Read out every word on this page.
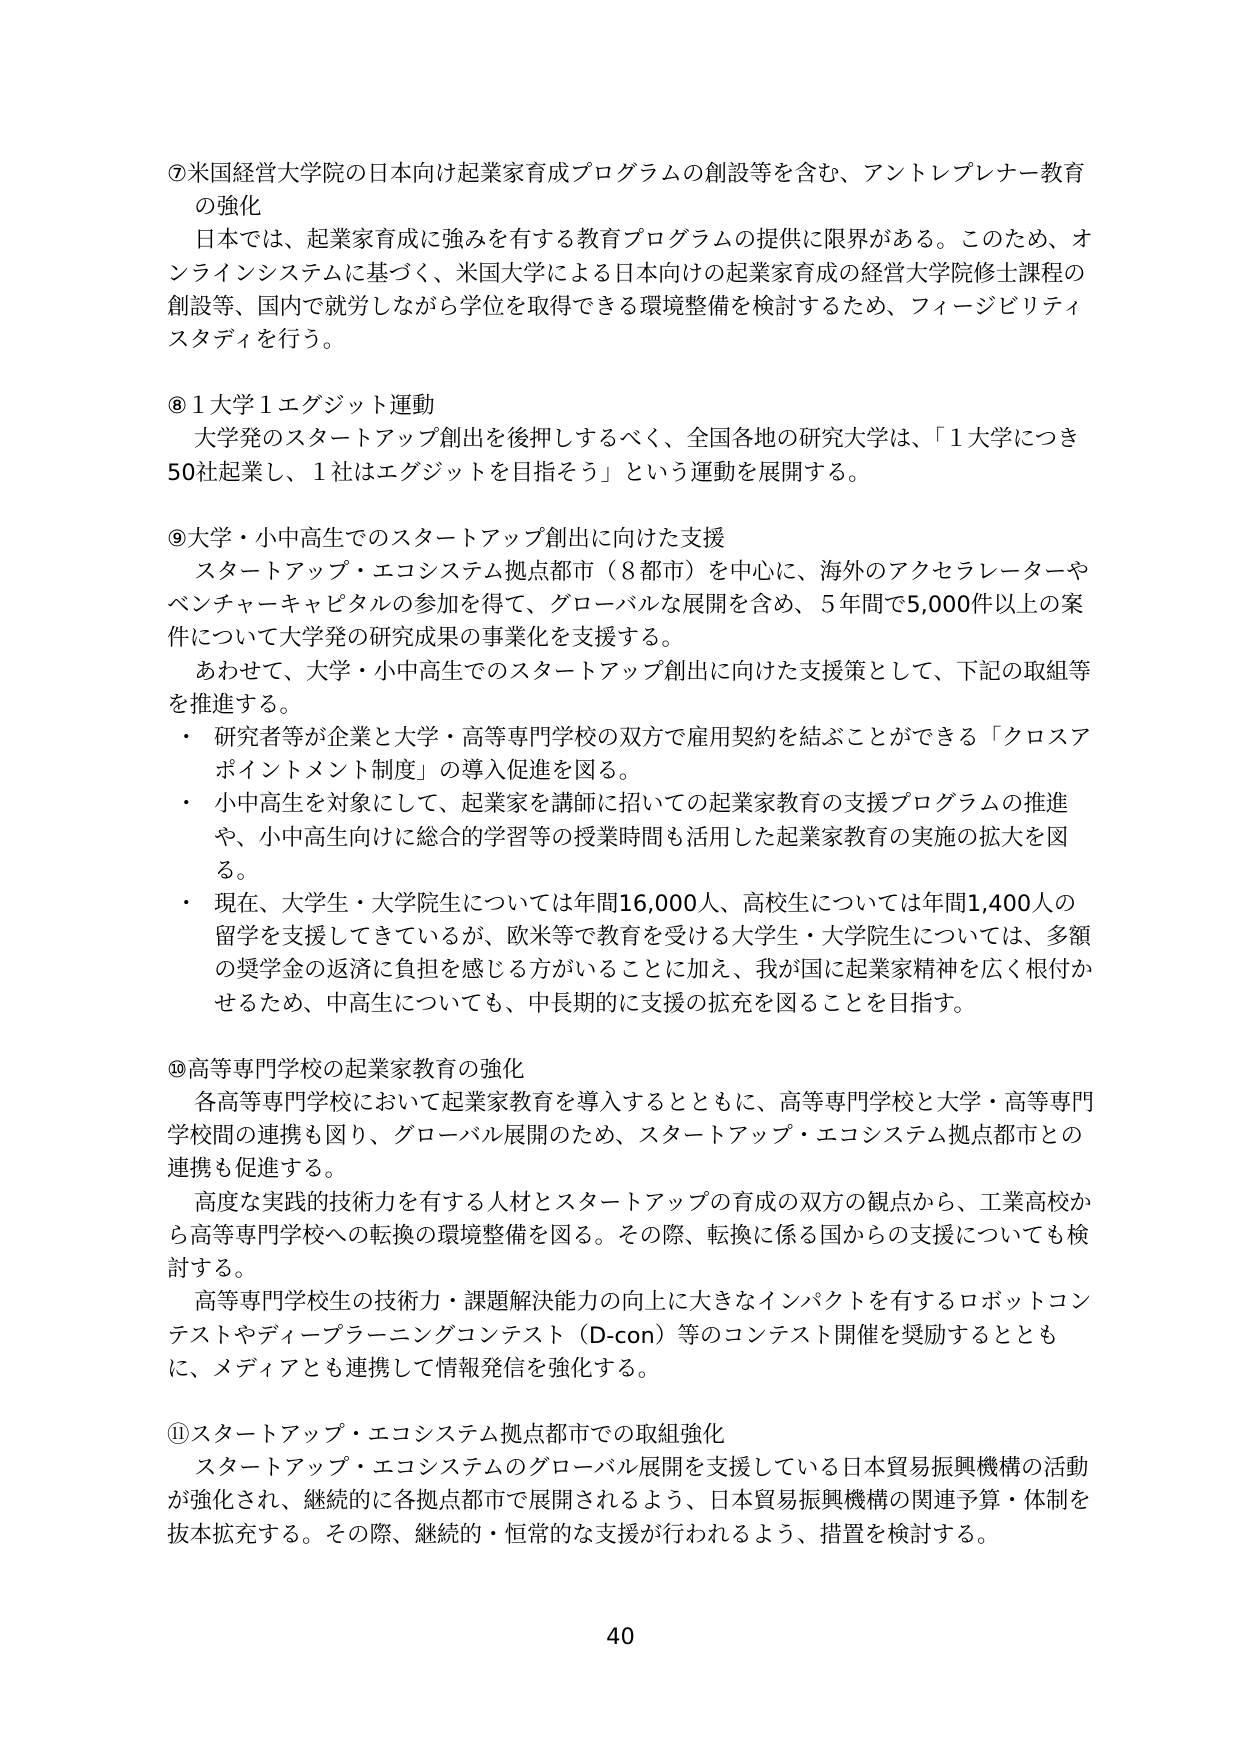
⑦米国経営大学院の日本向け起業家育成プログラムの創設等を含む、アントレプレナー教育の強化

日本では、起業家育成に強みを有する教育プログラムの提供に限界がある。このため、オンラインシステムに基づく、米国大学による日本向けの起業家育成の経営大学院修士課程の創設等、国内で就労しながら学位を取得できる環境整備を検討するため、フィージビリティスタディを行う。

⑧１大学１エグジット運動

大学発のスタートアップ創出を後押しするべく、全国各地の研究大学は、「１大学につき50社起業し、１社はエグジットを目指そう」という運動を展開する。

⑨大学・小中高生でのスタートアップ創出に向けた支援

スタートアップ・エコシステム拠点都市（８都市）を中心に、海外のアクセラレーターやベンチャーキャピタルの参加を得て、グローバルな展開を含め、５年間で5,000件以上の案件について大学発の研究成果の事業化を支援する。

あわせて、大学・小中高生でのスタートアップ創出に向けた支援策として、下記の取組等を推進する。

・ 研究者等が企業と大学・高等専門学校の双方で雇用契約を結ぶことができる「クロスアポイントメント制度」の導入促進を図る。
・ 小中高生を対象にして、起業家を講師に招いての起業家教育の支援プログラムの推進や、小中高生向けに総合的学習等の授業時間も活用した起業家教育の実施の拡大を図る。
・ 現在、大学生・大学院生については年間16,000人、高校生については年間1,400人の留学を支援してきているが、欧米等で教育を受ける大学生・大学院生については、多額の奨学金の返済に負担を感じる方がいることに加え、我が国に起業家精神を広く根付かせるため、中高生についても、中長期的に支援の拡充を図ることを目指す。

⑩高等専門学校の起業家教育の強化

各高等専門学校において起業家教育を導入するとともに、高等専門学校と大学・高等専門学校間の連携も図り、グローバル展開のため、スタートアップ・エコシステム拠点都市との連携も促進する。

高度な実践的技術力を有する人材とスタートアップの育成の双方の観点から、工業高校から高等専門学校への転換の環境整備を図る。その際、転換に係る国からの支援についても検討する。

高等専門学校生の技術力・課題解決能力の向上に大きなインパクトを有するロボットコンテストやディープラーニングコンテスト（D-con）等のコンテスト開催を奨励するとともに、メディアとも連携して情報発信を強化する。

⑪スタートアップ・エコシステム拠点都市での取組強化

スタートアップ・エコシステムのグローバル展開を支援している日本貿易振興機構の活動が強化され、継続的に各拠点都市で展開されるよう、日本貿易振興機構の関連予算・体制を抜本拡充する。その際、継続的・恒常的な支援が行われるよう、措置を検討する。

40
